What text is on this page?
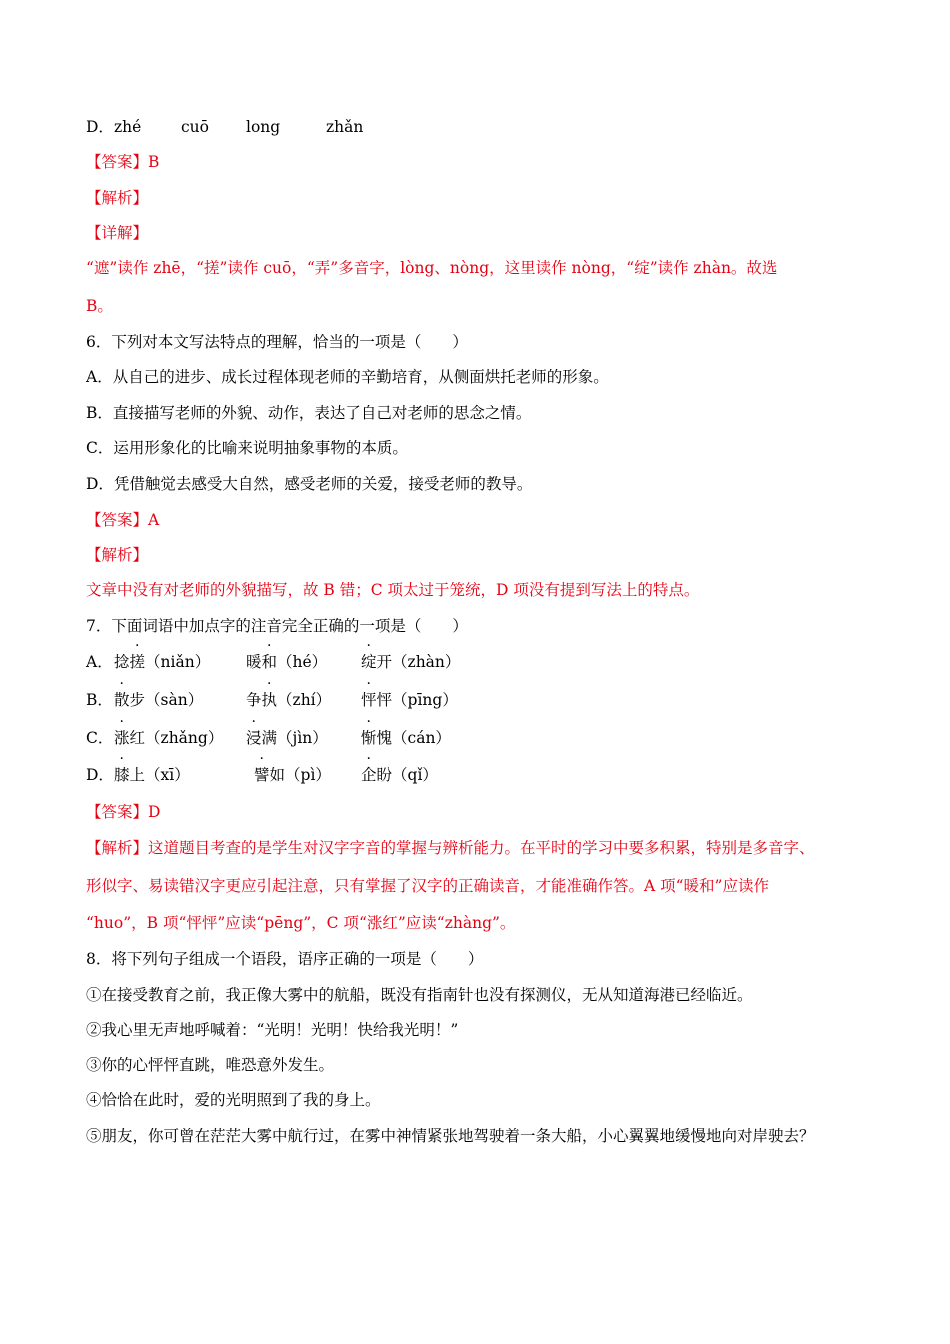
D． zhé	cuō long	zhǎn
【答案】B
【解析】
【详解】
“遮”读作 zhē，“搓”读作 cuō，“弄”多音字，lòng、nòng，这里读作 nòng，“绽”读作 zhàn。故选
B。
6．下列对本文写法特点的理解，恰当的一项是（　　）
A．从自己的进步、成长过程体现老师的辛勤培育，从侧面烘托老师的形象。
B．直接描写老师的外貌、动作，表达了自己对老师的思念之情。
C．运用形象化的比喻来说明抽象事物的本质。
D．凭借触觉去感受大自然，感受老师的关爱，接受老师的教导。
【答案】A
【解析】
文章中没有对老师的外貌描写，故 B 错；C 项太过于笼统，D 项没有提到写法上的特点。
7．下面词语中加点字的注音完全正确的一项是（　　）
A． 捻搓（niǎn） 暖和（hé） 绽开（zhàn）
B． 散步（sàn）	争执（zhí） 怦怦（pīng）
C． 涨红（zhǎng） 浸满（jìn） 惭愧（cán）
D． 膝上（xī）	譬如（pì） 企盼（qǐ）
【答案】D
【解析】这道题目考查的是学生对汉字字音的掌握与辨析能力。在平时的学习中要多积累，特别是多音字、
形似字、易读错汉字更应引起注意，只有掌握了汉字的正确读音，才能准确作答。A 项“暖和”应读作
“huo”，B 项“怦怦”应读“pēng”，C 项“涨红”应读“zhàng”。
8．将下列句子组成一个语段，语序正确的一项是（　　）
①在接受教育之前，我正像大雾中的航船，既没有指南针也没有探测仪，无从知道海港已经临近。
②我心里无声地呼喊着：“光明！光明！快给我光明！”
③你的心怦怦直跳，唯恐意外发生。
④恰恰在此时，爱的光明照到了我的身上。
⑤朋友，你可曾在茫茫大雾中航行过，在雾中神情紧张地驾驶着一条大船，小心翼翼地缓慢地向对岸驶去？
